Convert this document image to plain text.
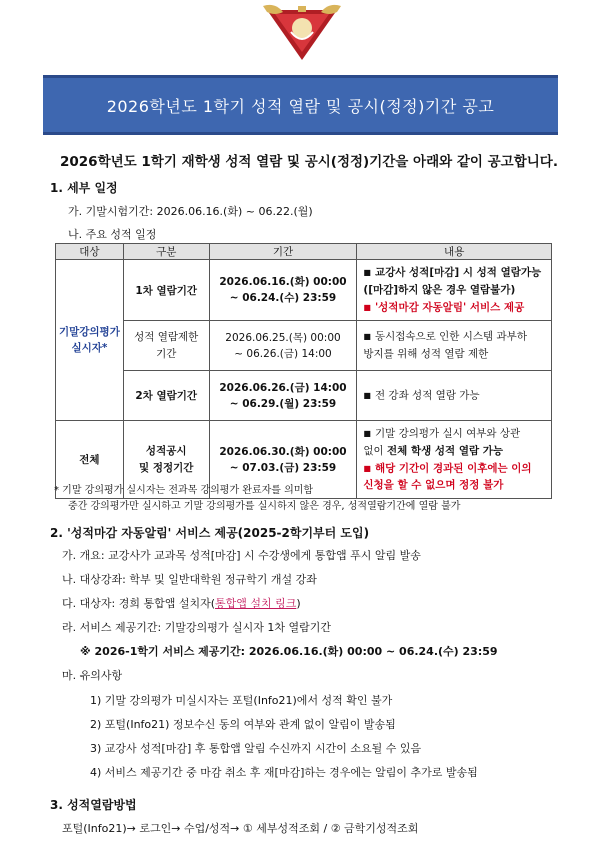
2026학년도 1학기 성적 열람 및 공시(정정)기간 공고
2026학년도 1학기 재학생 성적 열람 및 공시(정정)기간을 아래와 같이 공고합니다.
1. 세부 일정
가. 기말시험기간: 2026.06.16.(화) ~ 06.22.(월)
나. 주요 성적 일정
대상	구분	기간	내용
기말강의평가
실시자*	1차 열람기간	2026.06.16.(화) 00:00
~ 06.24.(수) 23:59	■ 교강사 성적[마감] 시 성적 열람가능
([마감]하지 않은 경우 열람불가)
■ '성적마감 자동알림' 서비스 제공

	성적 열람제한
기간	2026.06.25.(목) 00:00
~ 06.26.(금) 14:00	■ 동시접속으로 인한 시스템 과부하
방지를 위해 성적 열람 제한

	2차 열람기간	2026.06.26.(금) 14:00
~ 06.29.(월) 23:59	■ 전 강좌 성적 열람 가능

전체	성적공시
및 정정기간	2026.06.30.(화) 00:00
~ 07.03.(금) 23:59	■ 기말 강의평가 실시 여부와 상관
없이 전체 학생 성적 열람 가능
■ 해당 기간이 경과된 이후에는 이의
신청을 할 수 없으며 정정 불가
* 기말 강의평가 실시자는 전과목 강의평가 완료자를 의미함
중간 강의평가만 실시하고 기말 강의평가를 실시하지 않은 경우, 성적열람기간에 열람 불가
2. '성적마감 자동알림' 서비스 제공(2025-2학기부터 도입)
가. 개요: 교강사가 교과목 성적[마감] 시 수강생에게 통합앱 푸시 알림 발송
나. 대상강좌: 학부 및 일반대학원 정규학기 개설 강좌
다. 대상자: 경희 통합앱 설치자(통합앱 설치 링크)
라. 서비스 제공기간: 기말강의평가 실시자 1차 열람기간
※ 2026-1학기 서비스 제공기간: 2026.06.16.(화) 00:00 ~ 06.24.(수) 23:59
마. 유의사항
1) 기말 강의평가 미실시자는 포털(Info21)에서 성적 확인 불가
2) 포털(Info21) 정보수신 동의 여부와 관계 없이 알림이 발송됨
3) 교강사 성적[마감] 후 통합앱 알림 수신까지 시간이 소요될 수 있음
4) 서비스 제공기간 중 마감 취소 후 재[마감]하는 경우에는 알림이 추가로 발송됨
3. 성적열람방법
포털(Info21)→ 로그인→ 수업/성적→ ① 세부성적조회 / ② 금학기성적조회
